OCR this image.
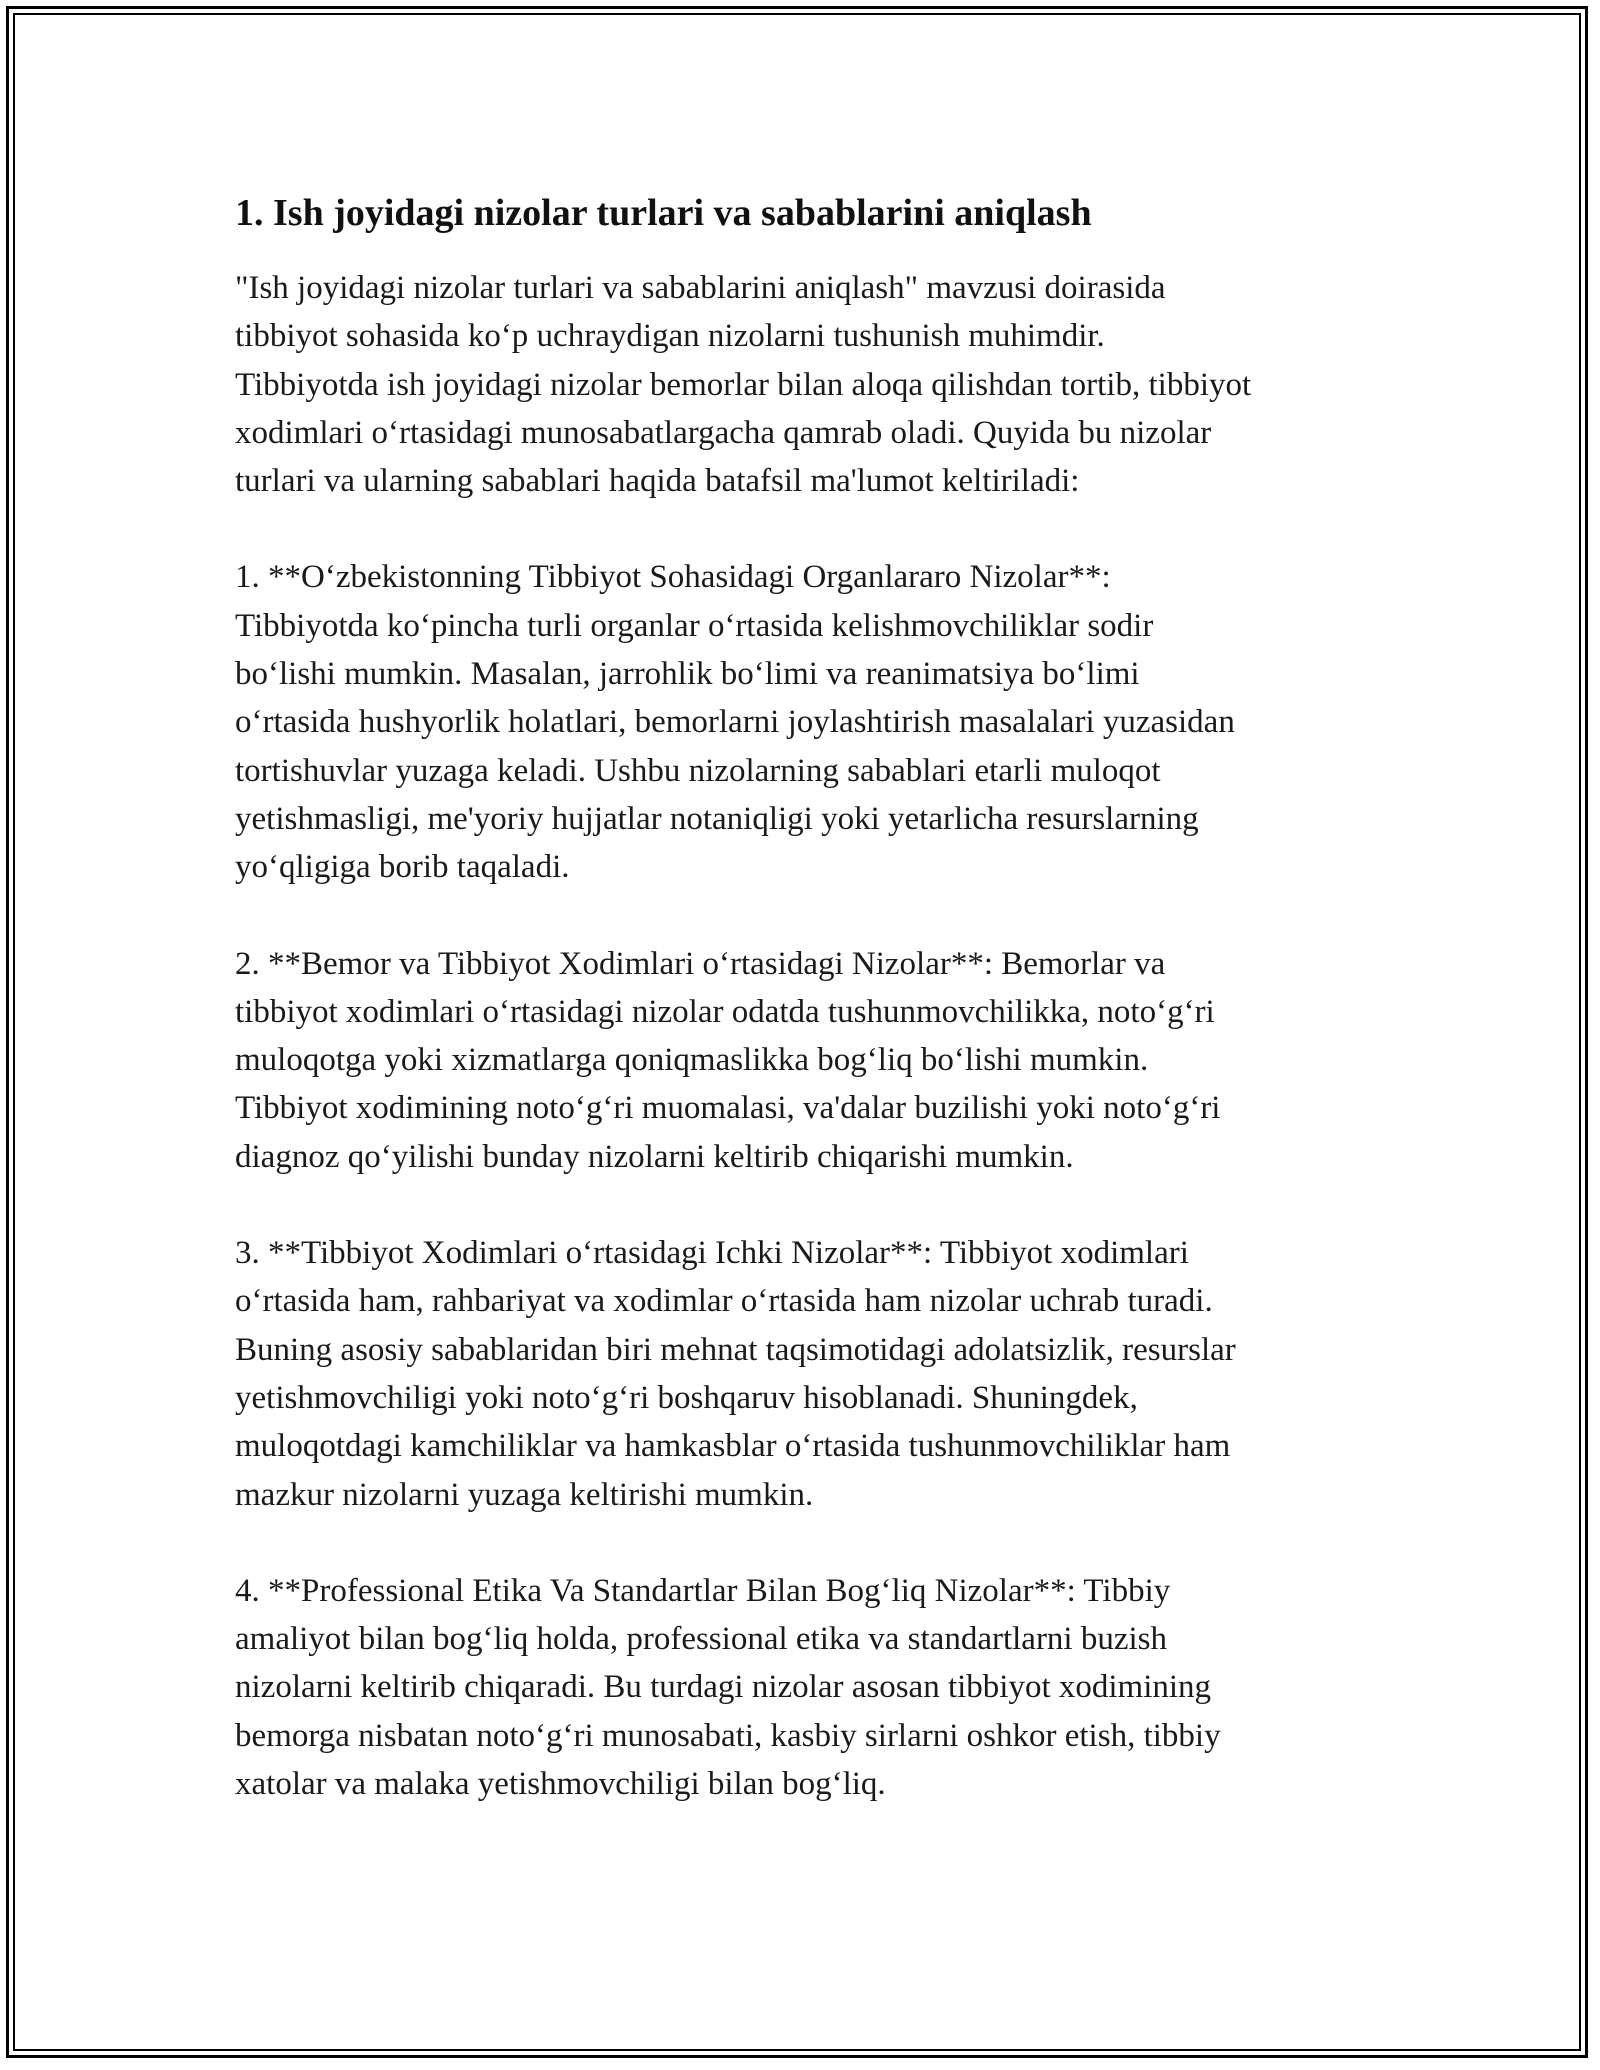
1. Ish joyidagi nizolar turlari va sabablarini aniqlash
"Ish joyidagi nizolar turlari va sabablarini aniqlash" mavzusi doirasida
tibbiyot sohasida ko‘p uchraydigan nizolarni tushunish muhimdir.
Tibbiyotda ish joyidagi nizolar bemorlar bilan aloqa qilishdan tortib, tibbiyot
xodimlari o‘rtasidagi munosabatlargacha qamrab oladi. Quyida bu nizolar
turlari va ularning sabablari haqida batafsil ma'lumot keltiriladi:
1. **O‘zbekistonning Tibbiyot Sohasidagi Organlararo Nizolar**:
Tibbiyotda ko‘pincha turli organlar o‘rtasida kelishmovchiliklar sodir
bo‘lishi mumkin. Masalan, jarrohlik bo‘limi va reanimatsiya bo‘limi
o‘rtasida hushyorlik holatlari, bemorlarni joylashtirish masalalari yuzasidan
tortishuvlar yuzaga keladi. Ushbu nizolarning sabablari etarli muloqot
yetishmasligi, me'yoriy hujjatlar notaniqligi yoki yetarlicha resurslarning
yo‘qligiga borib taqaladi.
2. **Bemor va Tibbiyot Xodimlari o‘rtasidagi Nizolar**: Bemorlar va
tibbiyot xodimlari o‘rtasidagi nizolar odatda tushunmovchilikka, noto‘g‘ri
muloqotga yoki xizmatlarga qoniqmaslikka bog‘liq bo‘lishi mumkin.
Tibbiyot xodimining noto‘g‘ri muomalasi, va'dalar buzilishi yoki noto‘g‘ri
diagnoz qo‘yilishi bunday nizolarni keltirib chiqarishi mumkin.
3. **Tibbiyot Xodimlari o‘rtasidagi Ichki Nizolar**: Tibbiyot xodimlari
o‘rtasida ham, rahbariyat va xodimlar o‘rtasida ham nizolar uchrab turadi.
Buning asosiy sabablaridan biri mehnat taqsimotidagi adolatsizlik, resurslar
yetishmovchiligi yoki noto‘g‘ri boshqaruv hisoblanadi. Shuningdek,
muloqotdagi kamchiliklar va hamkasblar o‘rtasida tushunmovchiliklar ham
mazkur nizolarni yuzaga keltirishi mumkin.
4. **Professional Etika Va Standartlar Bilan Bog‘liq Nizolar**: Tibbiy
amaliyot bilan bog‘liq holda, professional etika va standartlarni buzish
nizolarni keltirib chiqaradi. Bu turdagi nizolar asosan tibbiyot xodimining
bemorga nisbatan noto‘g‘ri munosabati, kasbiy sirlarni oshkor etish, tibbiy
xatolar va malaka yetishmovchiligi bilan bog‘liq.
